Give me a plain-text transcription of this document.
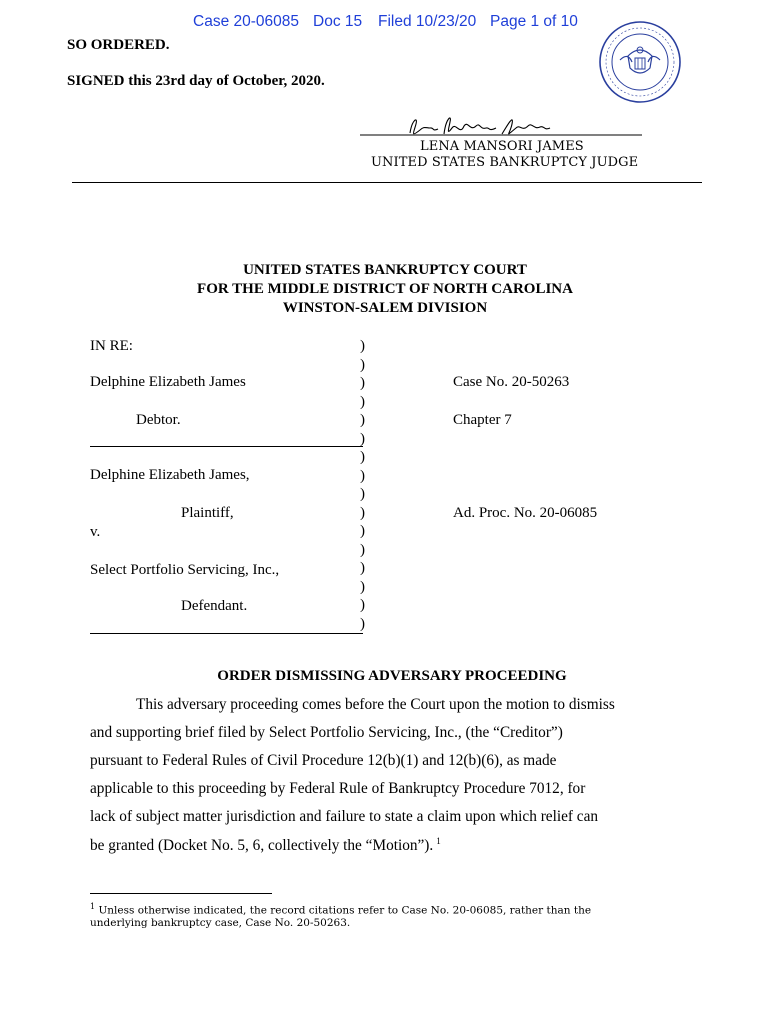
Case 20-06085 Doc 15 Filed 10/23/20 Page 1 of 10
SO ORDERED.
SIGNED this 23rd day of October, 2020.
LENA MANSORI JAMES
UNITED STATES BANKRUPTCY JUDGE
UNITED STATES BANKRUPTCY COURT
FOR THE MIDDLE DISTRICT OF NORTH CAROLINA
WINSTON-SALEM DIVISION
IN RE:
Delphine Elizabeth James
Debtor.
Delphine Elizabeth James,
Plaintiff,
v.
Select Portfolio Servicing, Inc.,
Defendant.
)
)
)
)
)
)
)
)
)
)
)
)
)
)
)
)
Case No. 20-50263
Chapter 7
Ad. Proc. No. 20-06085
ORDER DISMISSING ADVERSARY PROCEEDING
This adversary proceeding comes before the Court upon the motion to dismiss
and supporting brief filed by Select Portfolio Servicing, Inc., (the “Creditor”)
pursuant to Federal Rules of Civil Procedure 12(b)(1) and 12(b)(6), as made
applicable to this proceeding by Federal Rule of Bankruptcy Procedure 7012, for
lack of subject matter jurisdiction and failure to state a claim upon which relief can
be granted (Docket No. 5, 6, collectively the “Motion”). $^1$
$^1$ Unless otherwise indicated, the record citations refer to Case No. 20-06085, rather than the
underlying bankruptcy case, Case No. 20-50263.
